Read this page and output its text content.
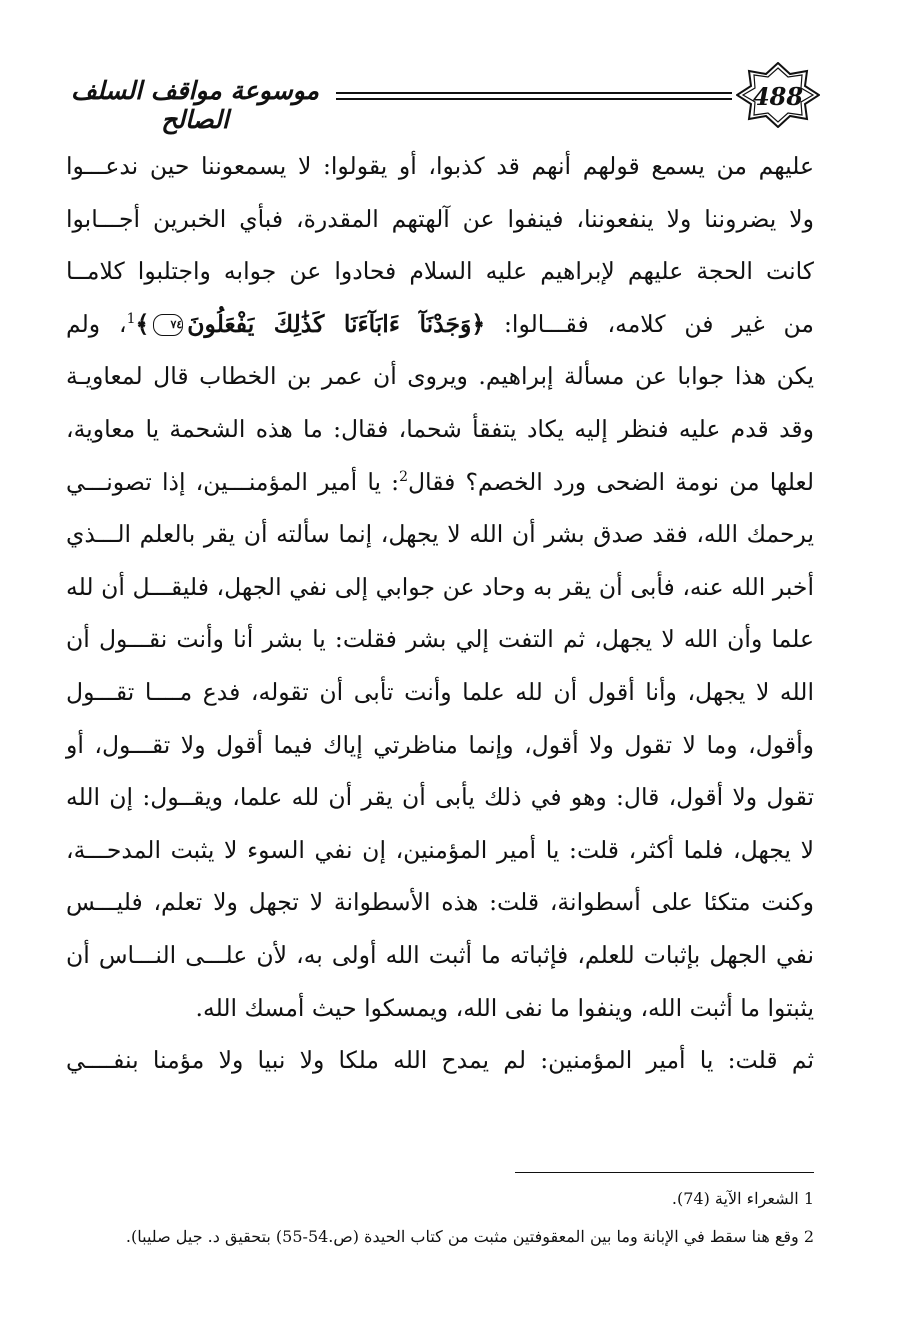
موسوعة مواقف السلف الصالح
488
عليهم من يسمع قولهم أنهم قد كذبوا، أو يقولوا: لا يسمعوننا حين ندعـــوا
ولا يضروننا ولا ينفعوننا، فينفوا عن آلهتهم المقدرة، فبأي الخبرين أجـــابوا
كانت الحجة عليهم لإبراهيم عليه السلام فحادوا عن جوابه واجتلبوا كلامــا
من غير فن كلامه، فقـــالوا: ﴿وَجَدْنَآ ءَابَآءَنَا كَذَٰلِكَ يَفْعَلُونَ٧٤﴾$^1$، ولم
يكن هذا جوابا عن مسألة إبراهيم. ويروى أن عمر بن الخطاب قال لمعاويـة
وقد قدم عليه فنظر إليه يكاد يتفقأ شحما، فقال: ما هذه الشحمة يا معاوية،
لعلها من نومة الضحى ورد الخصم؟ فقال$^2$: يا أمير المؤمنـــين، إذا تصونـــي
يرحمك الله، فقد صدق بشر أن الله لا يجهل، إنما سألته أن يقر بالعلم الـــذي
أخبر الله عنه، فأبى أن يقر به وحاد عن جوابي إلى نفي الجهل، فليقـــل أن لله
علما وأن الله لا يجهل، ثم التفت إلي بشر فقلت: يا بشر أنا وأنت نقـــول أن
الله لا يجهل، وأنا أقول أن لله علما وأنت تأبى أن تقوله، فدع مــــا تقـــول
وأقول، وما لا تقول ولا أقول، وإنما مناظرتي إياك فيما أقول ولا تقـــول، أو
تقول ولا أقول، قال: وهو في ذلك يأبى أن يقر أن لله علما، ويقــول: إن الله
لا يجهل، فلما أكثر، قلت: يا أمير المؤمنين، إن نفي السوء لا يثبت المدحـــة،
وكنت متكئا على أسطوانة، قلت: هذه الأسطوانة لا تجهل ولا تعلم، فليـــس
نفي الجهل بإثبات للعلم، فإثباته ما أثبت الله أولى به، لأن علـــى النـــاس أن
يثبتوا ما أثبت الله، وينفوا ما نفى الله، ويمسكوا حيث أمسك الله.
ثم قلت: يا أمير المؤمنين: لم يمدح الله ملكا ولا نبيا ولا مؤمنا بنفــــي
1 الشعراء الآية (74).
2 وقع هنا سقط في الإبانة وما بين المعقوفتين مثبت من كتاب الحيدة (ص.54-55) بتحقيق د. جيل صليبا).
